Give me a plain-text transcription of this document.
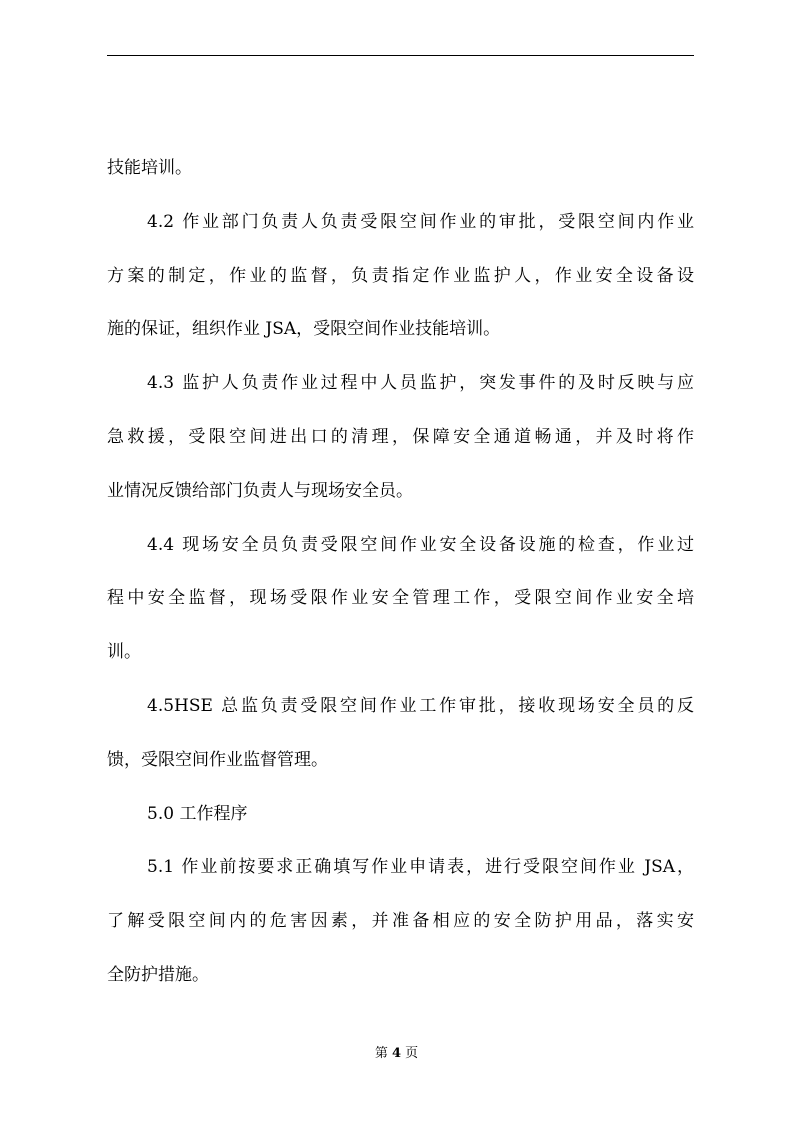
技能培训。
4.2 作业部门负责人负责受限空间作业的审批，受限空间内作业
方案的制定，作业的监督，负责指定作业监护人，作业安全设备设
施的保证，组织作业 JSA，受限空间作业技能培训。
4.3 监护人负责作业过程中人员监护，突发事件的及时反映与应
急救援，受限空间进出口的清理，保障安全通道畅通，并及时将作
业情况反馈给部门负责人与现场安全员。
4.4 现场安全员负责受限空间作业安全设备设施的检查，作业过
程中安全监督，现场受限作业安全管理工作，受限空间作业安全培
训。
4.5HSE 总监负责受限空间作业工作审批，接收现场安全员的反
馈，受限空间作业监督管理。
5.0 工作程序
5.1 作业前按要求正确填写作业申请表，进行受限空间作业 JSA，
了解受限空间内的危害因素，并准备相应的安全防护用品，落实安
全防护措施。
第 4 页
